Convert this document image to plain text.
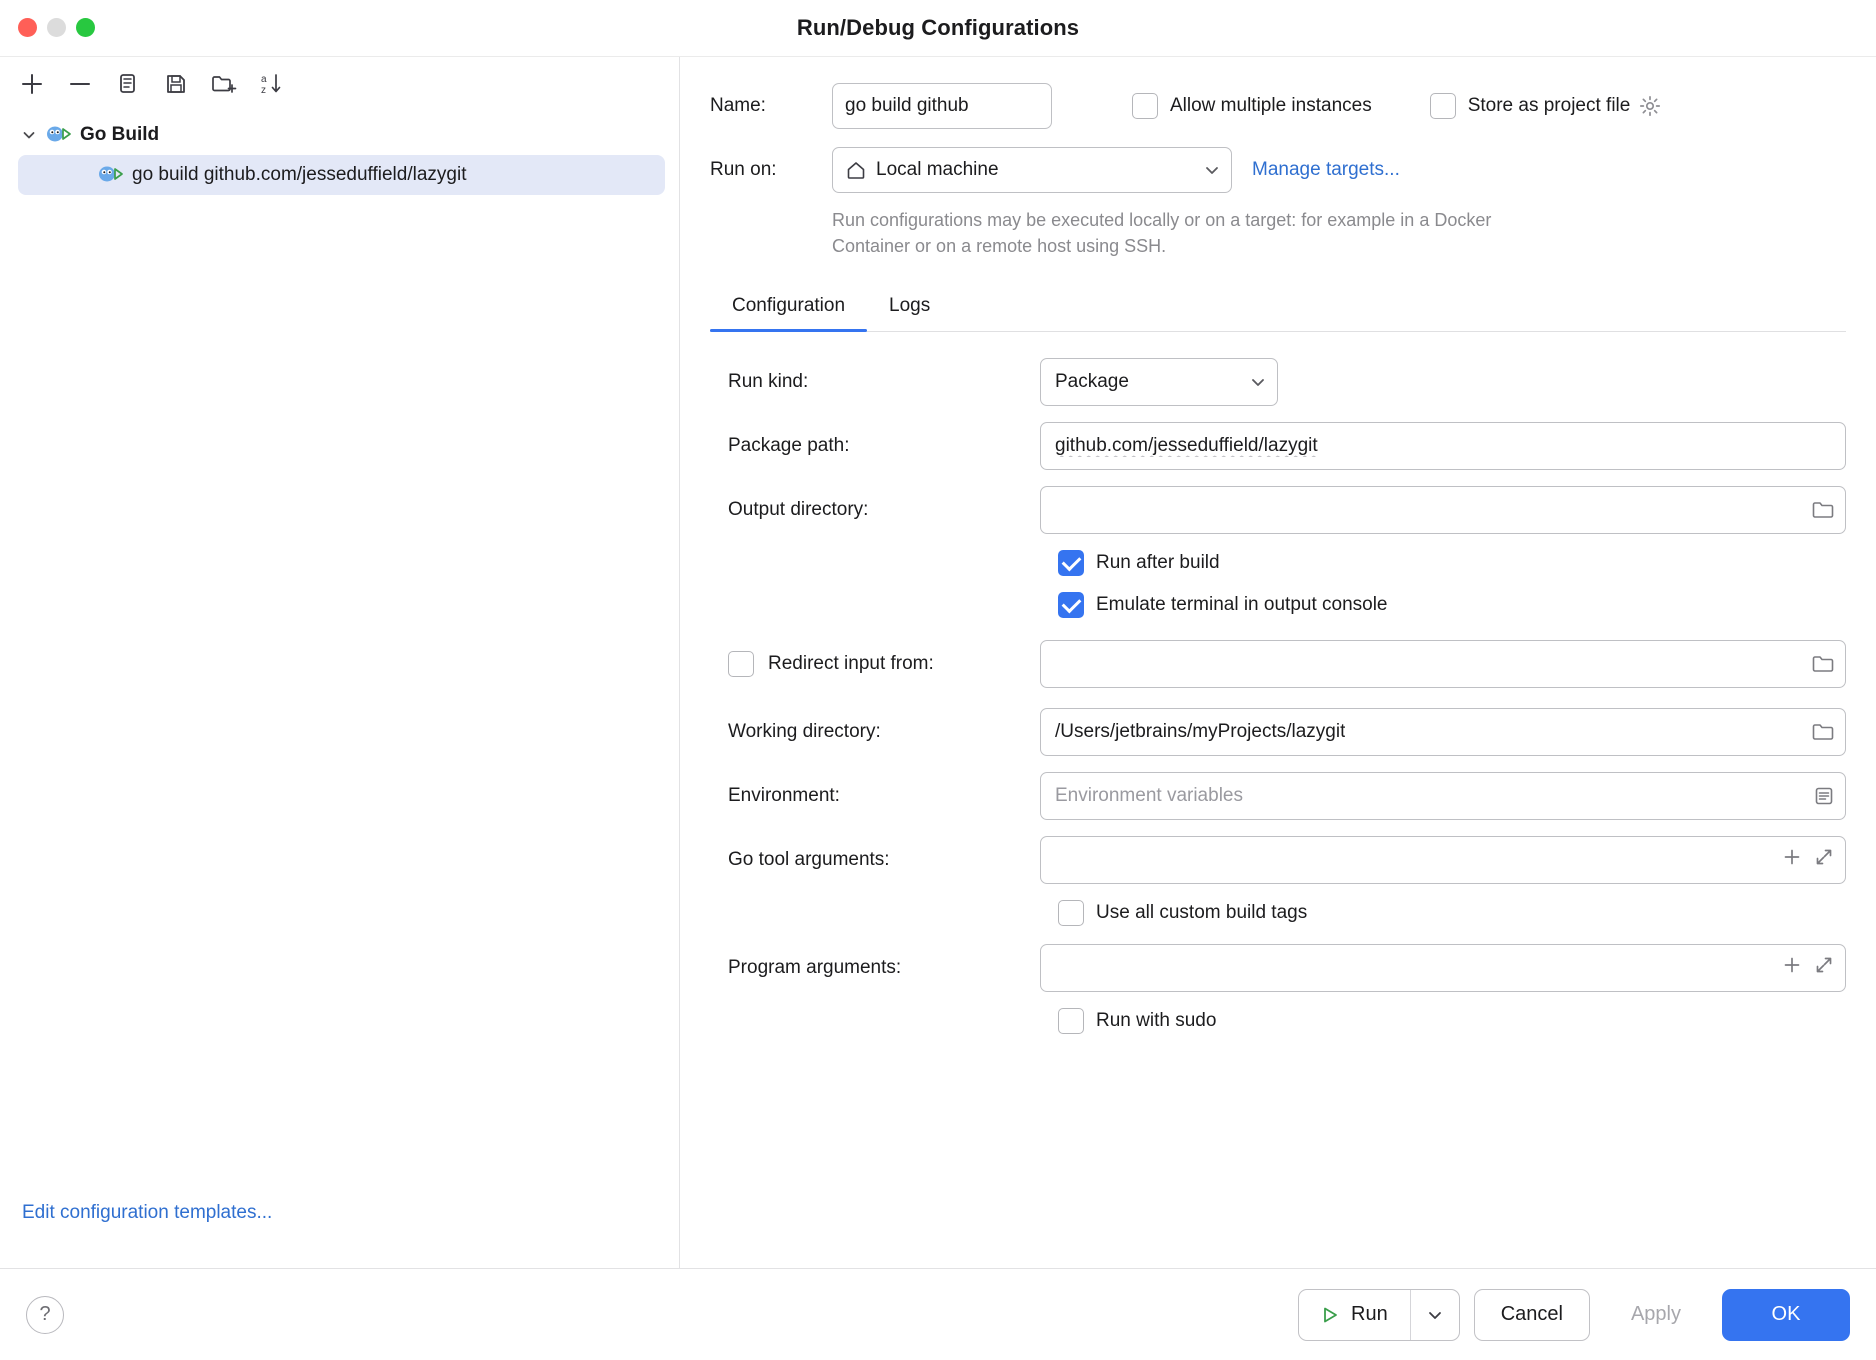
Run/Debug Configurations
a
z
Go Build
go build github.com/jesseduffield/lazygit
Edit configuration templates...
Name:
go build github	Allow multiple instances	Store as project file
Run on:	Local machine	Manage targets...
Run configurations may be executed locally or on a target: for example in a Docker Container or on a remote host using SSH.
Configuration	Logs
Run kind:	Package
Package path:	github.com/jesseduffield/lazygit
Output directory:
Run after build
Emulate terminal in output console
Redirect input from:
Working directory:	/Users/jetbrains/myProjects/lazygit
Environment:	Environment variables
Go tool arguments:
Use all custom build tags
Program arguments:
Run with sudo
?	Run	Cancel	Apply	OK
